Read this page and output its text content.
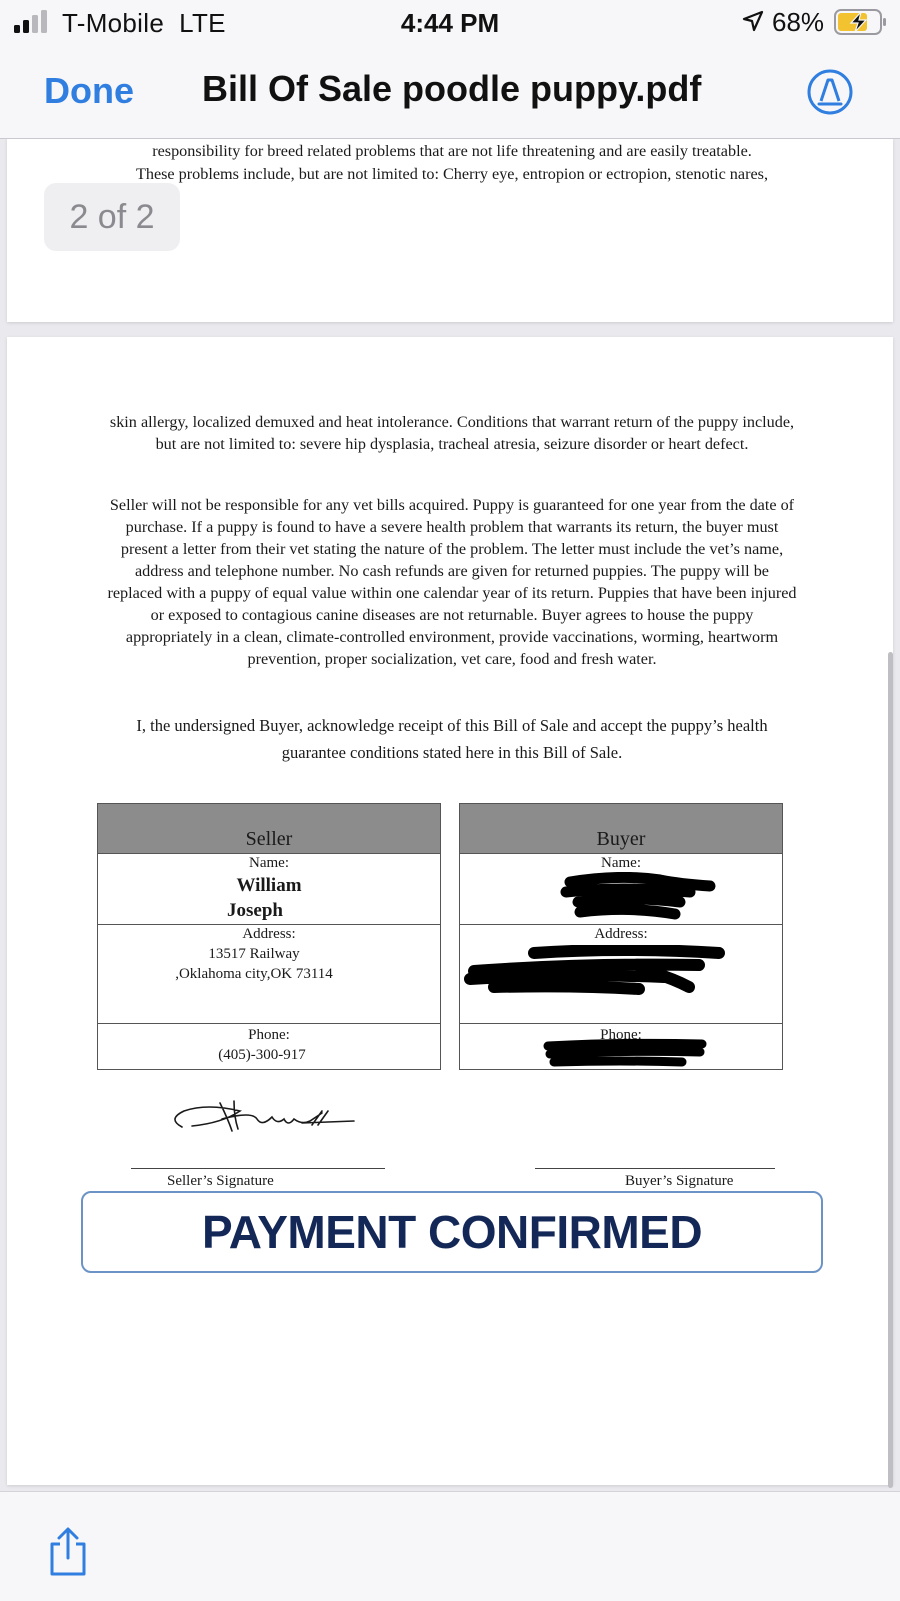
T-Mobile  LTE	4:44 PM	68%
Done Bill Of Sale poodle puppy.pdf
responsibility for breed related problems that are not life threatening and are easily treatable.
These problems include, but are not limited to: Cherry eye, entropion or ectropion, stenotic nares,
2 of 2
skin allergy, localized demuxed and heat intolerance. Conditions that warrant return of the puppy include, but are not limited to: severe hip dysplasia, tracheal atresia, seizure disorder or heart defect.
Seller will not be responsible for any vet bills acquired. Puppy is guaranteed for one year from the date of purchase. If a puppy is found to have a severe health problem that warrants its return, the buyer must present a letter from their vet stating the nature of the problem. The letter must include the vet’s name, address and telephone number. No cash refunds are given for returned puppies. The puppy will be replaced with a puppy of equal value within one calendar year of its return. Puppies that have been injured or exposed to contagious canine diseases are not returnable. Buyer agrees to house the puppy appropriately in a clean, climate-controlled environment, provide vaccinations, worming, heartworm prevention, proper socialization, vet care, food and fresh water.
I, the undersigned Buyer, acknowledge receipt of this Bill of Sale and accept the puppy’s health guarantee conditions stated here in this Bill of Sale.
Seller

Name:
William
Joseph

Address:
13517 Railway
,Oklahoma city,OK 73114

Phone:
(405)-300-917
Buyer

Name:

Address:

Phone:
Seller’s Signature	Buyer’s Signature
PAYMENT CONFIRMED
